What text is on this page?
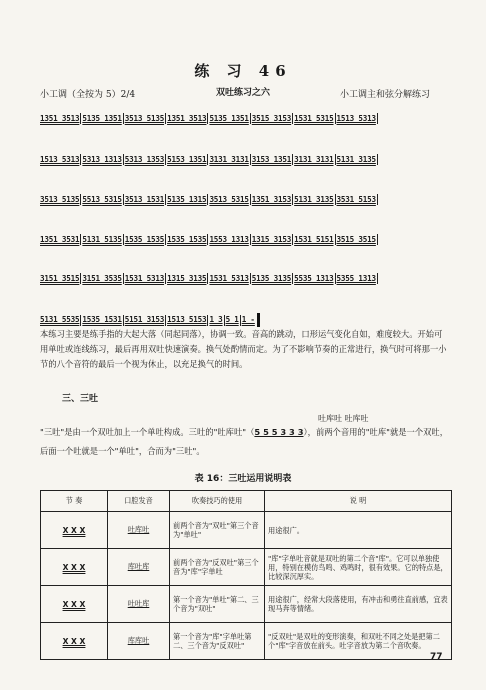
练 习 46
双吐练习之六
小工调（全按为 5）2/4	小工调主和弦分解练习
1351 3513 5135 1351 3513 5135 1351 3513 5135 1351 3515 3153 1531 5315 1513 5313
1513 5313 5313 1313 5313 1353 5153 1351 3131 3131 3153 1351 3131 3131 5131 3135
3513 5135 5513 5315 3513 1531 5135 1315 3513 5315 1351 3153 5131 3135 3531 5153
1351 3531 5131 5135 1535 1535 1535 1535 1553 1313 1315 3153 1531 5151 3515 3515
3151 3515 3151 3535 1531 5313 1315 3135 1531 5313 5135 3135 5535 1313 5355 1313
5131 5535 1535 1531 5151 3153 1513 5153 1 3 5 1 1 -
本练习主要是练手指的大起大落（同起同落），协调一致。音高的跳动，口形运气变化自如，难度较大。开始可用单吐或连线练习，最后再用双吐快速演奏。换气处酌情而定。为了不影响节奏的正常进行，换气时可将那一小节的八个音符的最后一个视为休止，以充足换气的时间。
三、三吐
吐库吐 吐库吐
"三吐"是由一个双吐加上一个单吐构成。三吐的"吐库吐"（5 5 5 3 3 3），前两个音用的"吐库"就是一个双吐，后面一个吐就是一个"单吐"，合而为"三吐"。
表 16：三吐运用说明表
节 奏	口腔发音	吹奏技巧的使用	说 明
X X X	吐库吐	前两个音为"双吐"第三个音为"单吐"	用途很广。
X X X	库吐库	前两个音为"反双吐"第三个音为"库"字单吐	"库"字单吐音就是双吐的第二个音"库"。它可以单独使用，特别在模仿鸟鸣、鸡鸣时，很有效果。它的特点是，比较深沉厚实。
X X X	吐吐库	第一个音为"单吐"第二、三个音为"双吐"	用途很广，经常大段落使用，有冲击和勇往直前感，宜表现马奔等情绪。
X X X	库库吐	第一个音为"库"字单吐第二、三个音为"反双吐"	"反双吐"是双吐的变形演奏，和双吐不同之处是把第二个"库"字音放在前头。吐字音放为第二个音吹奏。
77
